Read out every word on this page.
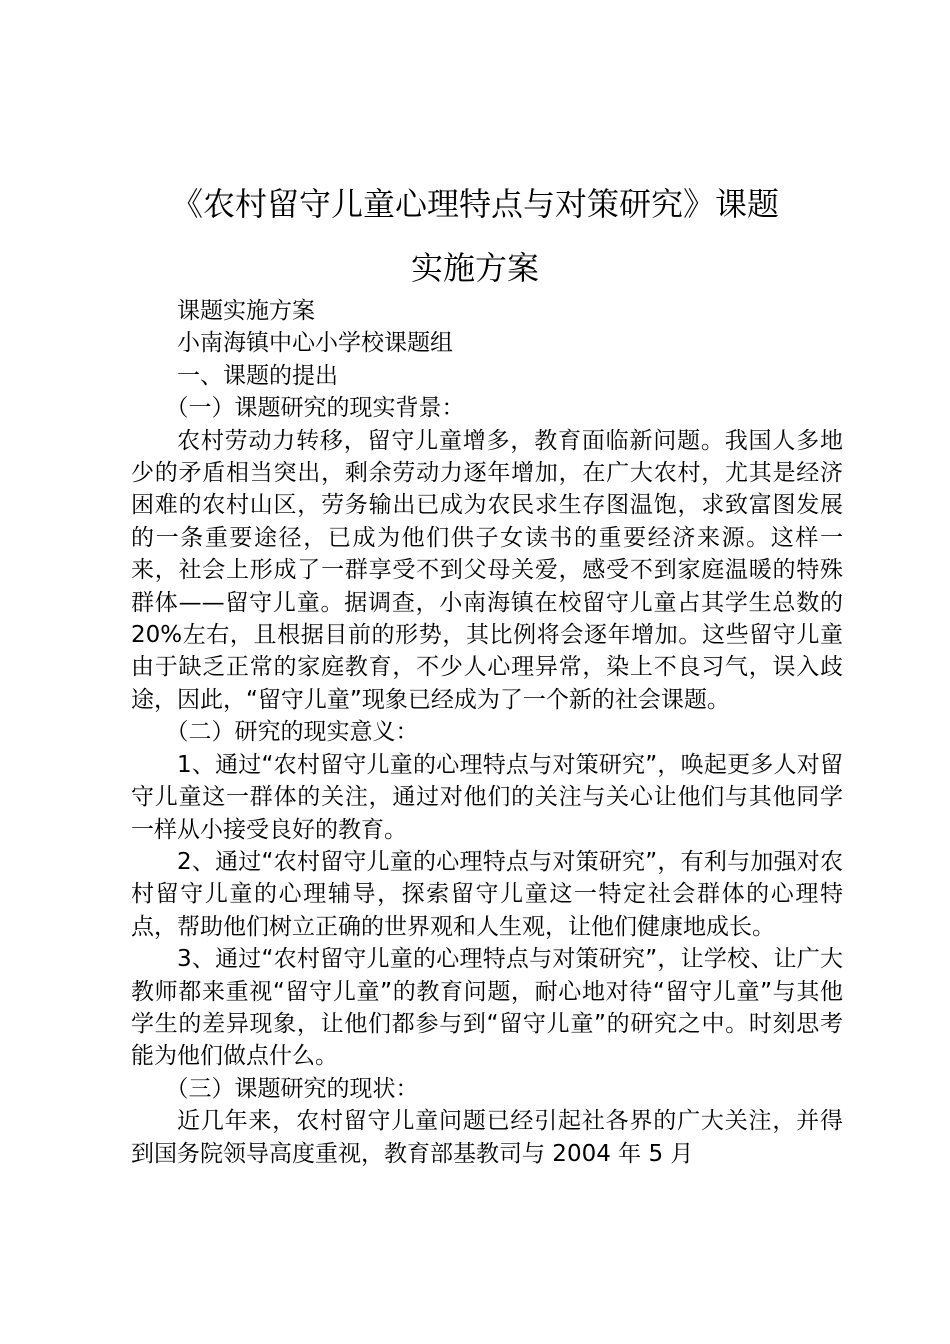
《农村留守儿童心理特点与对策研究》课题
实施方案

课题实施方案

小南海镇中心小学校课题组

一、课题的提出

（一）课题研究的现实背景：

农村劳动力转移，留守儿童增多，教育面临新问题。我国人多地少的矛盾相当突出，剩余劳动力逐年增加，在广大农村，尤其是经济困难的农村山区，劳务输出已成为农民求生存图温饱，求致富图发展的一条重要途径，已成为他们供子女读书的重要经济来源。这样一来，社会上形成了一群享受不到父母关爱，感受不到家庭温暖的特殊群体——留守儿童。据调查，小南海镇在校留守儿童占其学生总数的 20%左右，且根据目前的形势，其比例将会逐年增加。这些留守儿童由于缺乏正常的家庭教育，不少人心理异常，染上不良习气，误入歧途，因此，“留守儿童”现象已经成为了一个新的社会课题。

（二）研究的现实意义：

1、通过“农村留守儿童的心理特点与对策研究”，唤起更多人对留守儿童这一群体的关注，通过对他们的关注与关心让他们与其他同学一样从小接受良好的教育。

2、通过“农村留守儿童的心理特点与对策研究”，有利与加强对农村留守儿童的心理辅导，探索留守儿童这一特定社会群体的心理特点，帮助他们树立正确的世界观和人生观，让他们健康地成长。

3、通过“农村留守儿童的心理特点与对策研究”，让学校、让广大教师都来重视“留守儿童”的教育问题，耐心地对待“留守儿童”与其他学生的差异现象，让他们都参与到“留守儿童”的研究之中。时刻思考能为他们做点什么。

（三）课题研究的现状：

近几年来，农村留守儿童问题已经引起社各界的广大关注，并得到国务院领导高度重视，教育部基教司与 2004 年 5 月
